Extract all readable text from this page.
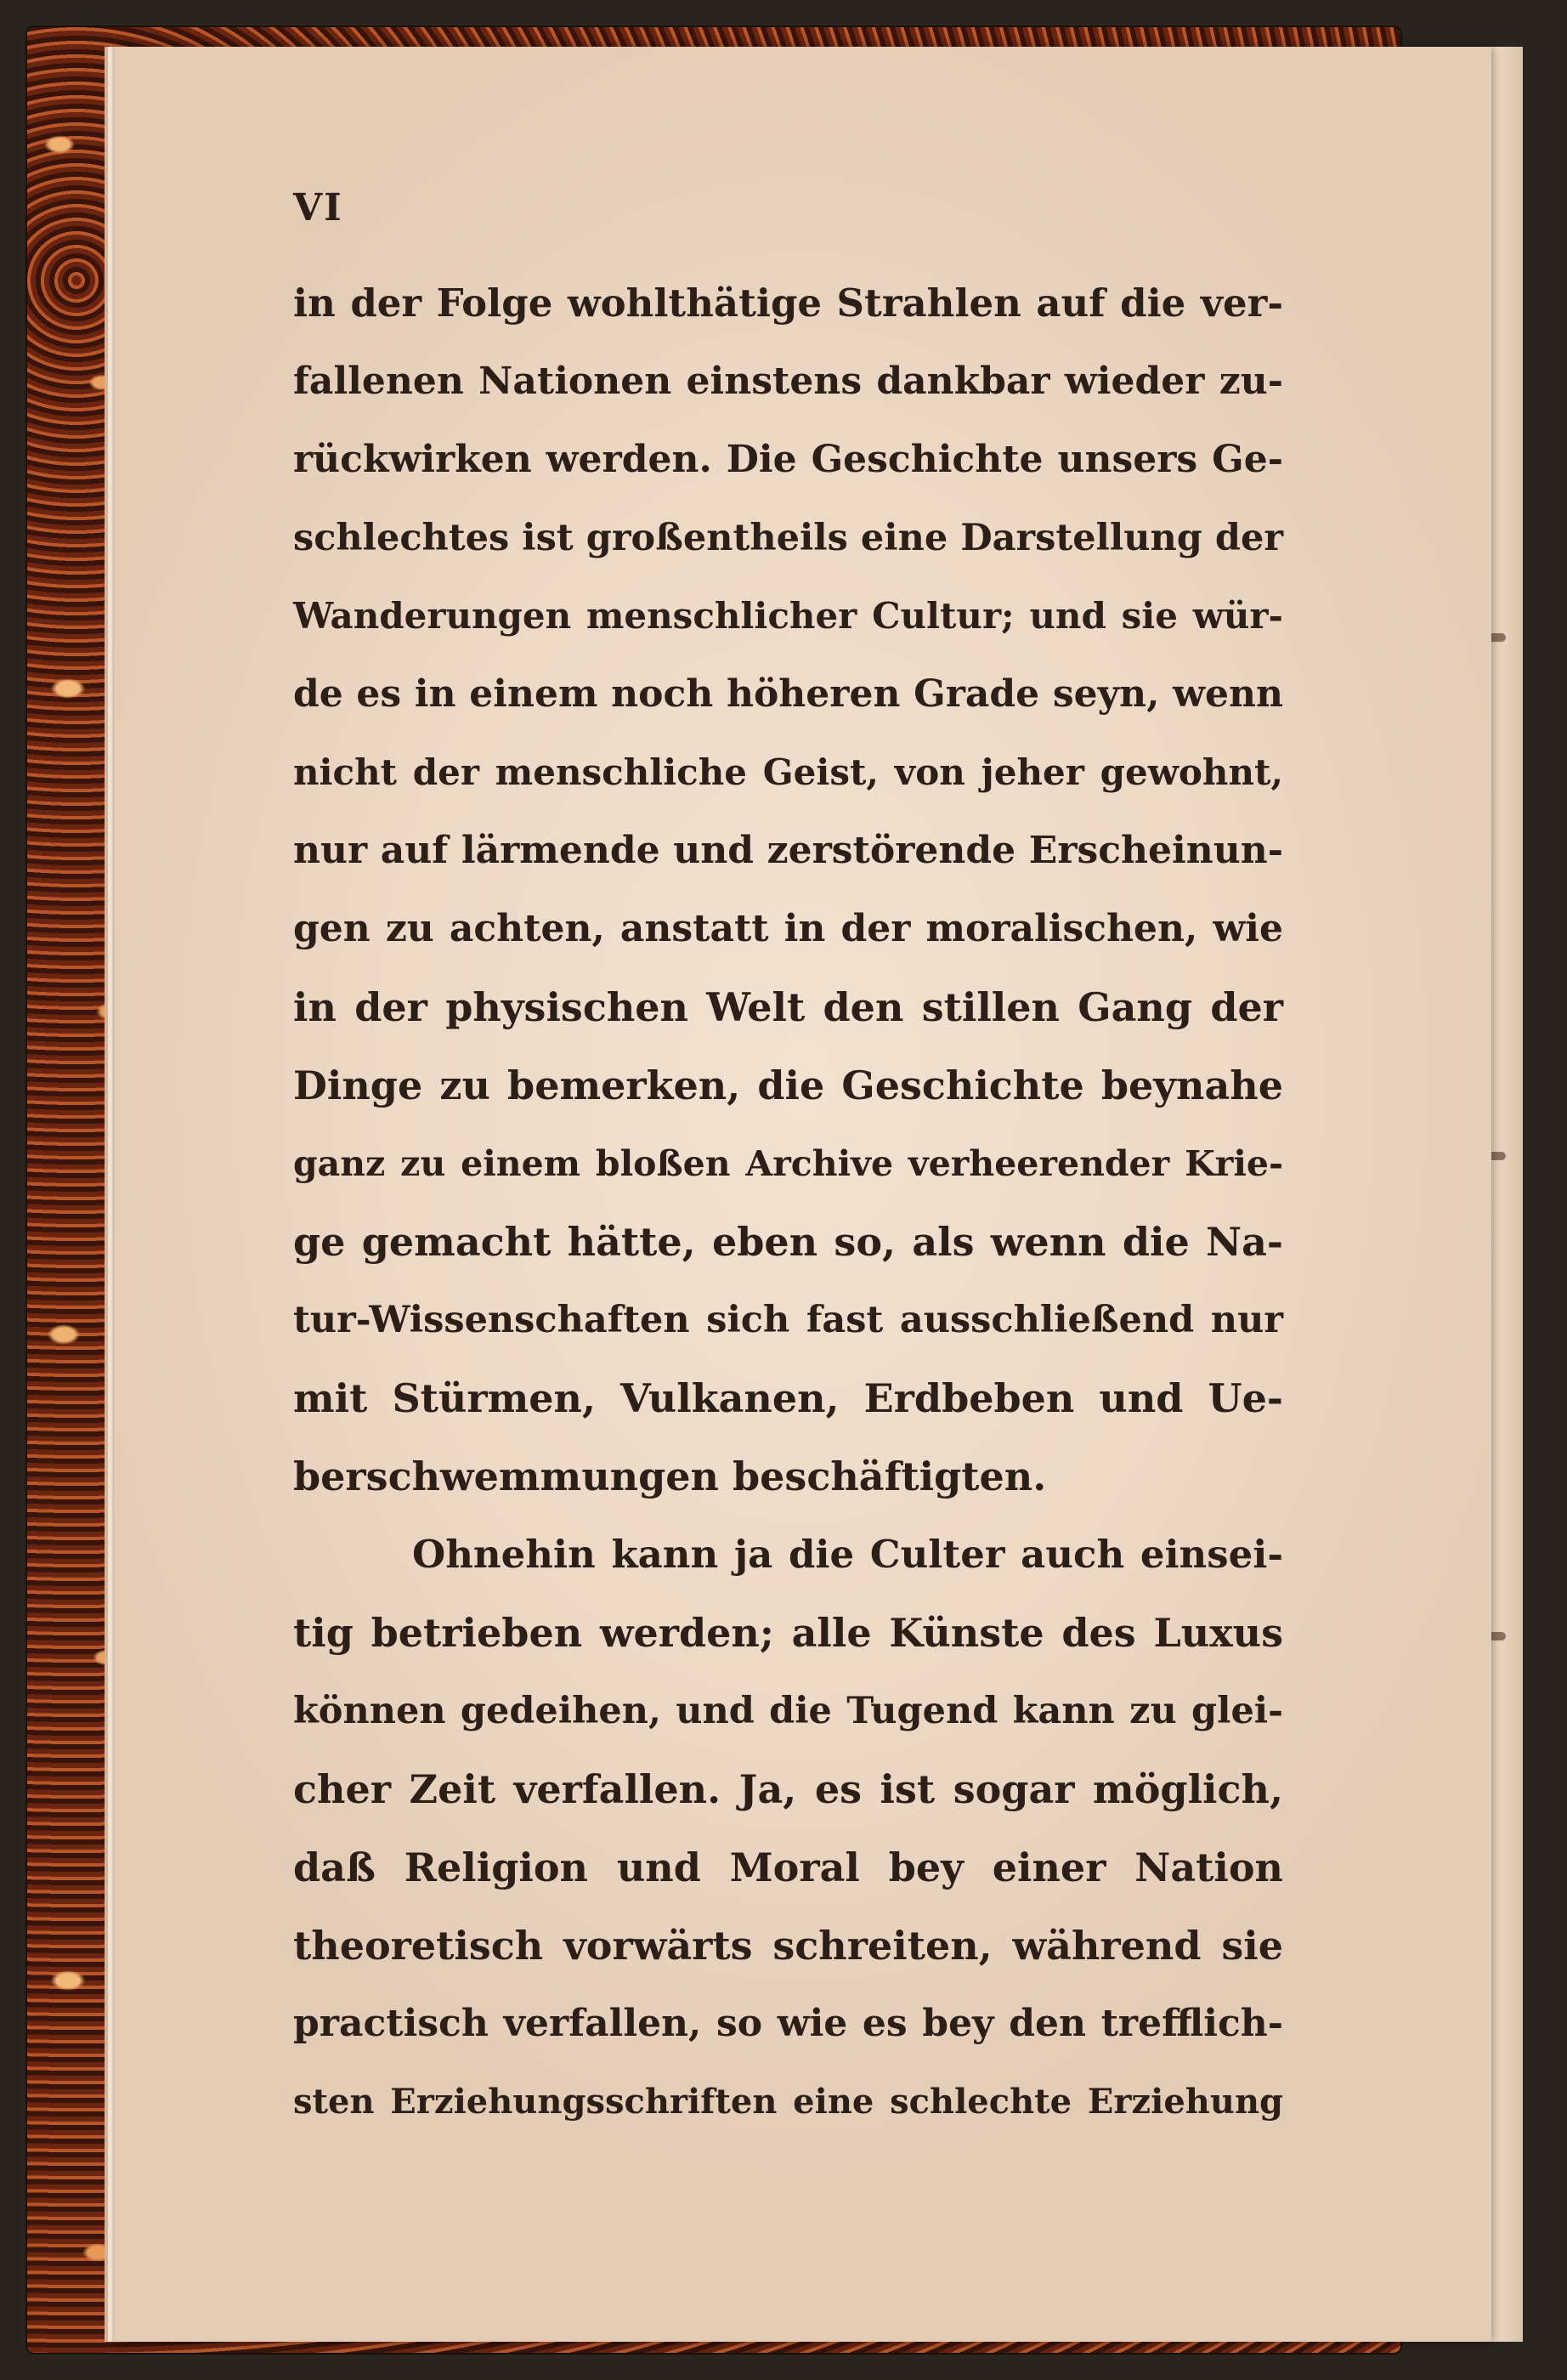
VI
in der Folge wohlthätige Strahlen auf die ver-
fallenen Nationen einstens dankbar wieder zu-
rückwirken werden. Die Geschichte unsers Ge-
schlechtes ist großentheils eine Darstellung der
Wanderungen menschlicher Cultur; und sie wür-
de es in einem noch höheren Grade seyn, wenn
nicht der menschliche Geist, von jeher gewohnt,
nur auf lärmende und zerstörende Erscheinun-
gen zu achten, anstatt in der moralischen, wie
in der physischen Welt den stillen Gang der
Dinge zu bemerken, die Geschichte beynahe
ganz zu einem bloßen Archive verheerender Krie-
ge gemacht hätte, eben so, als wenn die Na-
tur-Wissenschaften sich fast ausschließend nur
mit Stürmen, Vulkanen, Erdbeben und Ue-
berschwemmungen beschäftigten.
Ohnehin kann ja die Culter auch einsei-
tig betrieben werden; alle Künste des Luxus
können gedeihen, und die Tugend kann zu glei-
cher Zeit verfallen. Ja, es ist sogar möglich,
daß Religion und Moral bey einer Nation
theoretisch vorwärts schreiten, während sie
practisch verfallen, so wie es bey den trefflich-
sten Erziehungsschriften eine schlechte Erziehung
